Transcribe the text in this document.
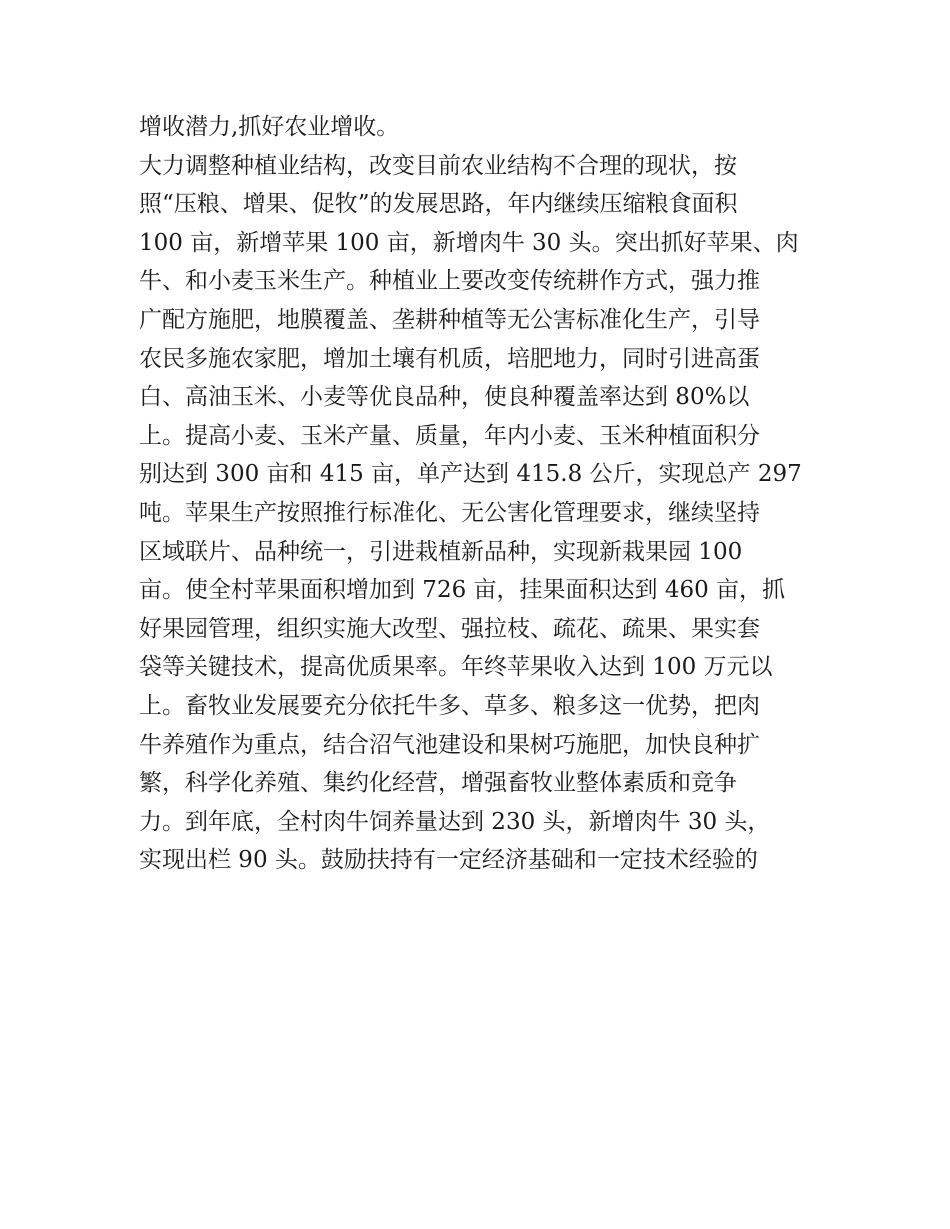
增收潜力,抓好农业增收。
大力调整种植业结构，改变目前农业结构不合理的现状，按
照“压粮、增果、促牧”的发展思路，年内继续压缩粮食面积
100 亩，新增苹果 100 亩，新增肉牛 30 头。突出抓好苹果、肉
牛、和小麦玉米生产。种植业上要改变传统耕作方式，强力推
广配方施肥，地膜覆盖、垄耕种植等无公害标准化生产，引导
农民多施农家肥，增加土壤有机质，培肥地力，同时引进高蛋
白、高油玉米、小麦等优良品种，使良种覆盖率达到 80%以
上。提高小麦、玉米产量、质量，年内小麦、玉米种植面积分
别达到 300 亩和 415 亩，单产达到 415.8 公斤，实现总产 297
吨。苹果生产按照推行标准化、无公害化管理要求，继续坚持
区域联片、品种统一，引进栽植新品种，实现新栽果园 100
亩。使全村苹果面积增加到 726 亩，挂果面积达到 460 亩，抓
好果园管理，组织实施大改型、强拉枝、疏花、疏果、果实套
袋等关键技术，提高优质果率。年终苹果收入达到 100 万元以
上。畜牧业发展要充分依托牛多、草多、粮多这一优势，把肉
牛养殖作为重点，结合沼气池建设和果树巧施肥，加快良种扩
繁，科学化养殖、集约化经营，增强畜牧业整体素质和竞争
力。到年底，全村肉牛饲养量达到 230 头，新增肉牛 30 头，
实现出栏 90 头。鼓励扶持有一定经济基础和一定技术经验的
